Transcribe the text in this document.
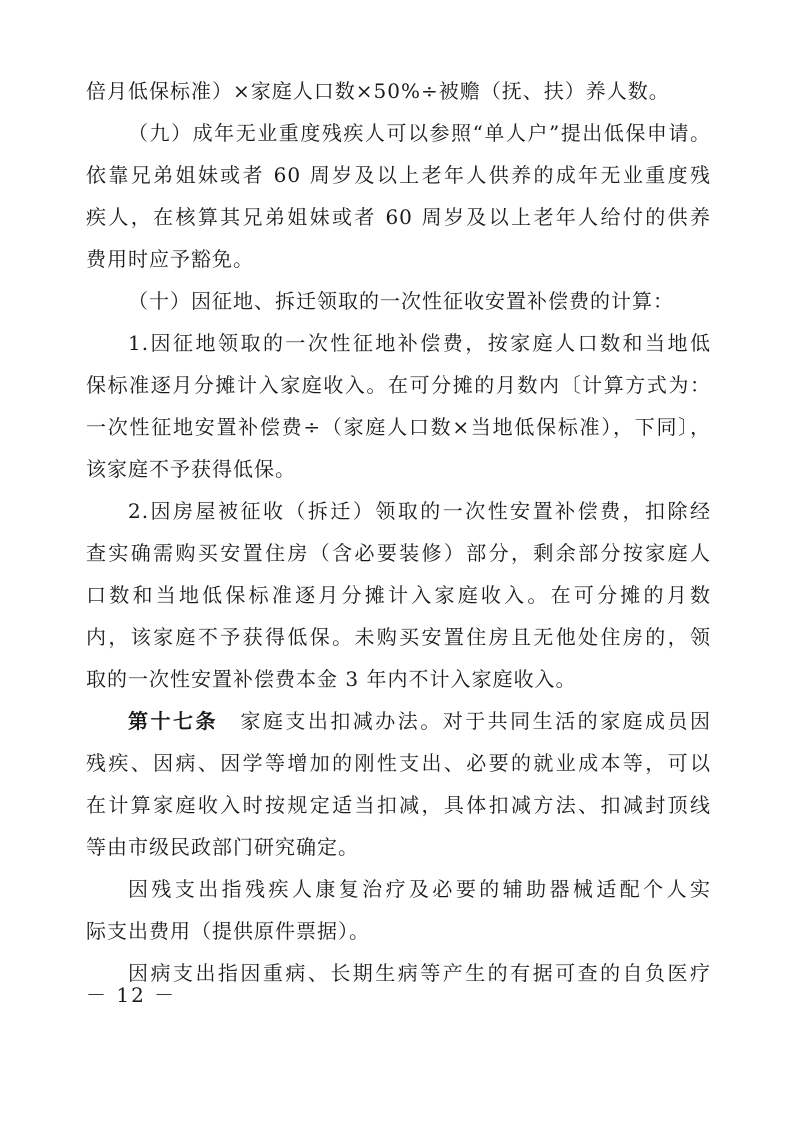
倍月低保标准）×家庭人口数×50%÷被赡（抚、扶）养人数。
（九）成年无业重度残疾人可以参照“单人户”提出低保申请。
依靠兄弟姐妹或者 60 周岁及以上老年人供养的成年无业重度残
疾人，在核算其兄弟姐妹或者 60 周岁及以上老年人给付的供养
费用时应予豁免。
（十）因征地、拆迁领取的一次性征收安置补偿费的计算：
1.因征地领取的一次性征地补偿费，按家庭人口数和当地低
保标准逐月分摊计入家庭收入。在可分摊的月数内〔计算方式为：
一次性征地安置补偿费÷（家庭人口数×当地低保标准），下同〕，
该家庭不予获得低保。
2.因房屋被征收（拆迁）领取的一次性安置补偿费，扣除经
查实确需购买安置住房（含必要装修）部分，剩余部分按家庭人
口数和当地低保标准逐月分摊计入家庭收入。在可分摊的月数
内，该家庭不予获得低保。未购买安置住房且无他处住房的，领
取的一次性安置补偿费本金 3 年内不计入家庭收入。
第十七条　家庭支出扣减办法。对于共同生活的家庭成员因
残疾、因病、因学等增加的刚性支出、必要的就业成本等，可以
在计算家庭收入时按规定适当扣减，具体扣减方法、扣减封顶线
等由市级民政部门研究确定。
因残支出指残疾人康复治疗及必要的辅助器械适配个人实
际支出费用（提供原件票据）。
因病支出指因重病、长期生病等产生的有据可查的自负医疗
－ 12 －
